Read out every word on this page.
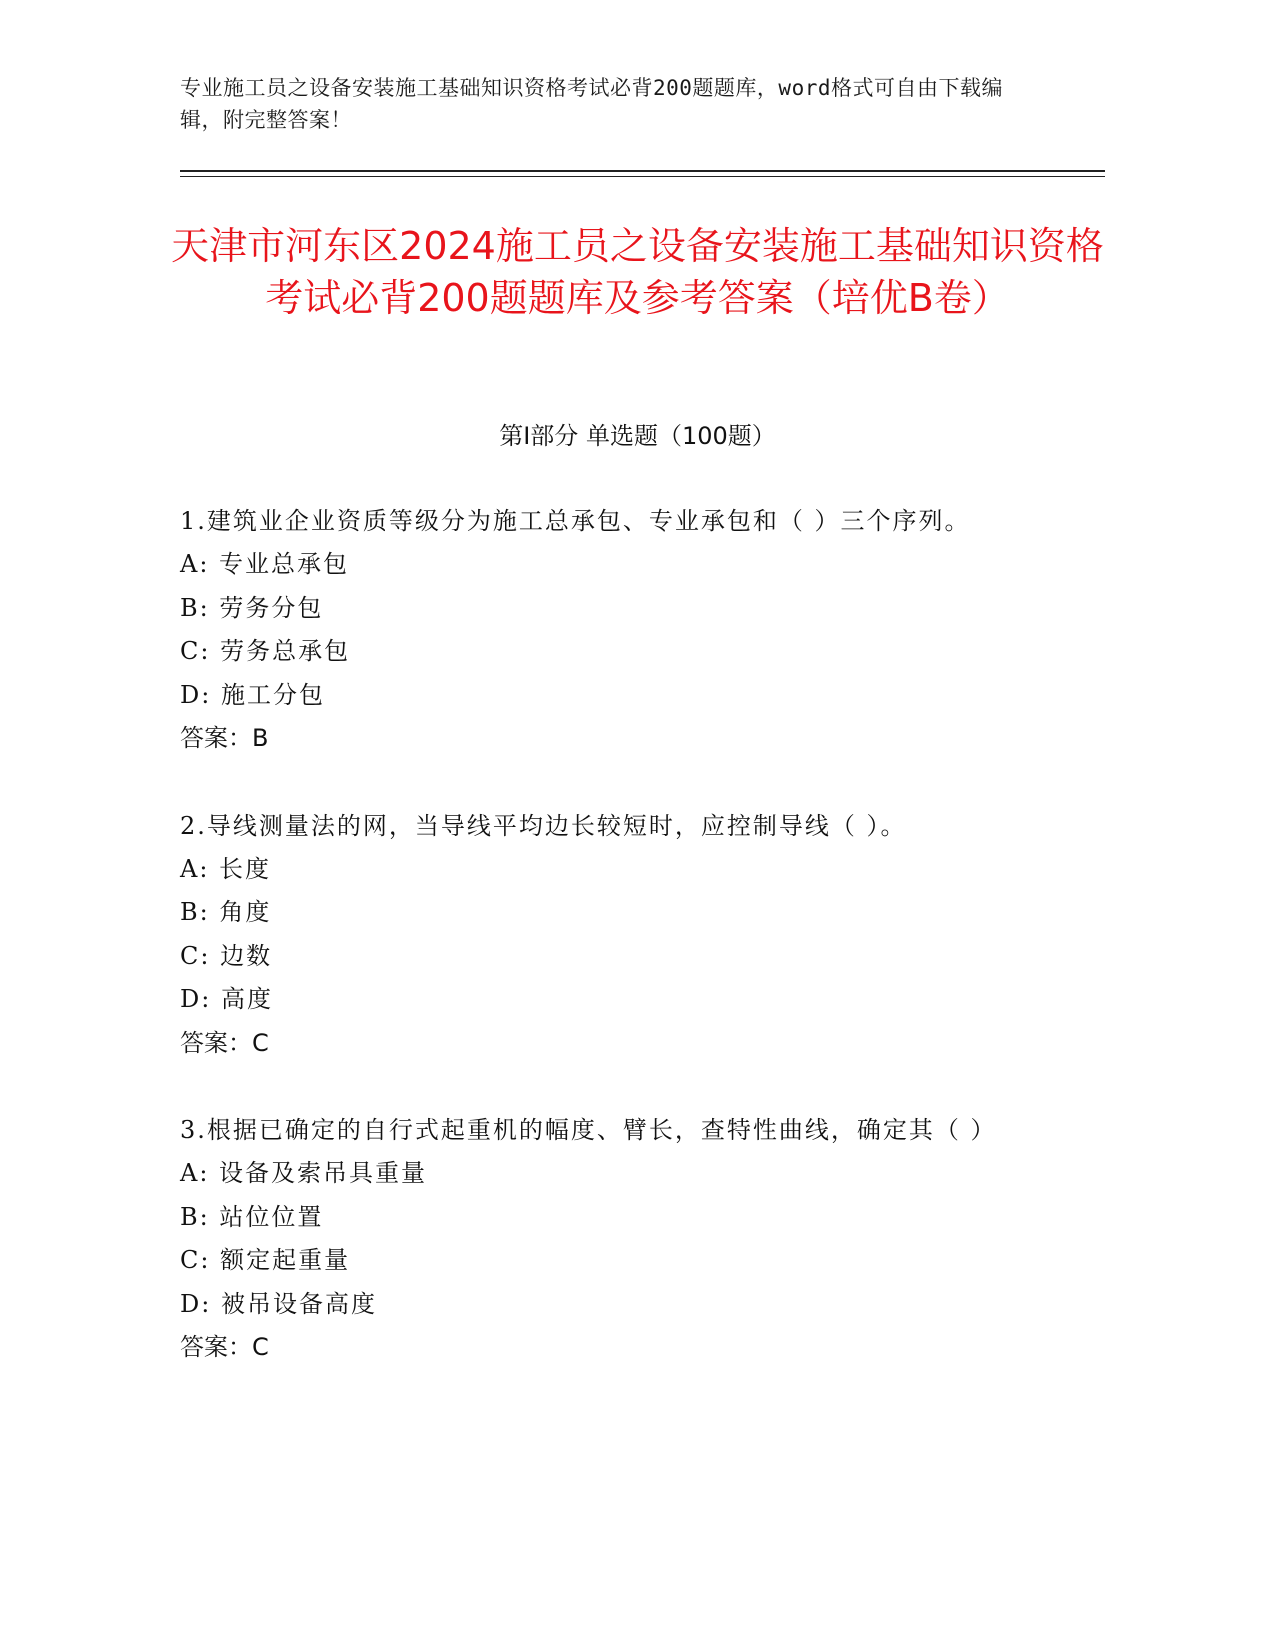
专业施工员之设备安装施工基础知识资格考试必背200题题库，word格式可自由下载编辑，附完整答案！
天津市河东区2024施工员之设备安装施工基础知识资格考试必背200题题库及参考答案（培优B卷）
第Ⅰ部分 单选题（100题）
1.建筑业企业资质等级分为施工总承包、专业承包和（ ）三个序列。
A: 专业总承包
B: 劳务分包
C: 劳务总承包
D: 施工分包
答案：B
2.导线测量法的网，当导线平均边长较短时，应控制导线（ ）。
A: 长度
B: 角度
C: 边数
D: 高度
答案：C
3.根据已确定的自行式起重机的幅度、臂长，查特性曲线，确定其（ ）
A: 设备及索吊具重量
B: 站位位置
C: 额定起重量
D: 被吊设备高度
答案：C
